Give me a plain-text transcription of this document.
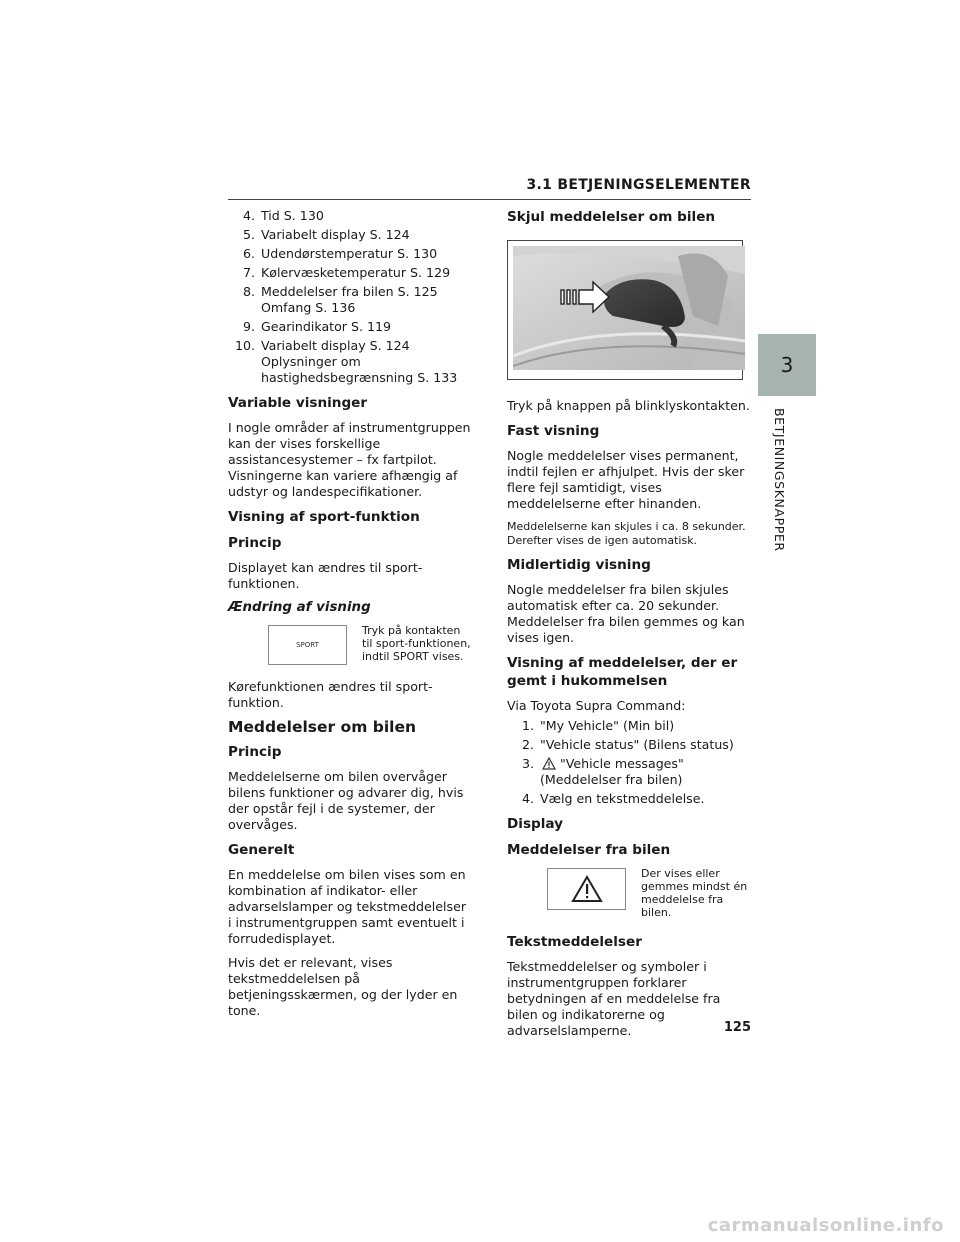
3.1 BETJENINGSELEMENTER
3
BETJENINGSKNAPPER
4. Tid S. 130
5. Variabelt display S. 124
6. Udendørstemperatur S. 130
7. Kølervæsketemperatur S. 129
8. Meddelelser fra bilen S. 125 Omfang S. 136
9. Gearindikator S. 119
10. Variabelt display S. 124 Oplysninger om hastighedsbegrænsning S. 133
Variable visninger

I nogle områder af instrumentgruppen kan der vises forskellige assistancesystemer – fx fartpilot. Visningerne kan variere afhængig af udstyr og landespecifikationer.

Visning af sport-funktion
Princip

Displayet kan ændres til sport-funktionen.

Ændring af visning
SPORT
Tryk på kontakten til sport-funktionen, indtil SPORT vises.

Kørefunktionen ændres til sport-funktion.

Meddelelser om bilen
Princip

Meddelelserne om bilen overvåger bilens funktioner og advarer dig, hvis der opstår fejl i de systemer, der overvåges.

Generelt

En meddelelse om bilen vises som en kombination af indikator- eller advarselslamper og tekstmeddelelser i instrumentgruppen samt eventuelt i forrudedisplayet.

Hvis det er relevant, vises tekstmeddelelsen på betjeningsskærmen, og der lyder en tone.

Skjul meddelelser om bilen

Tryk på knappen på blinklyskontakten.

Fast visning

Nogle meddelelser vises permanent, indtil fejlen er afhjulpet. Hvis der sker flere fejl samtidigt, vises meddelelserne efter hinanden.

Meddelelserne kan skjules i ca. 8 sekunder. Derefter vises de igen automatisk.

Midlertidig visning

Nogle meddelelser fra bilen skjules automatisk efter ca. 20 sekunder. Meddelelser fra bilen gemmes og kan vises igen.

Visning af meddelelser, der er gemt i hukommelsen

Via Toyota Supra Command:

1. "My Vehicle" (Min bil)
2. "Vehicle status" (Bilens status)
3.	"Vehicle messages" (Meddelelser fra bilen)
4. Vælg en tekstmeddelelse.
Display
Meddelelser fra bilen
Der vises eller gemmes mindst én meddelelse fra bilen.
Tekstmeddelelser

Tekstmeddelelser og symboler i instrumentgruppen forklarer betydningen af en meddelelse fra bilen og indikatorerne og advarselslamperne.	125
carmanualsonline.info
